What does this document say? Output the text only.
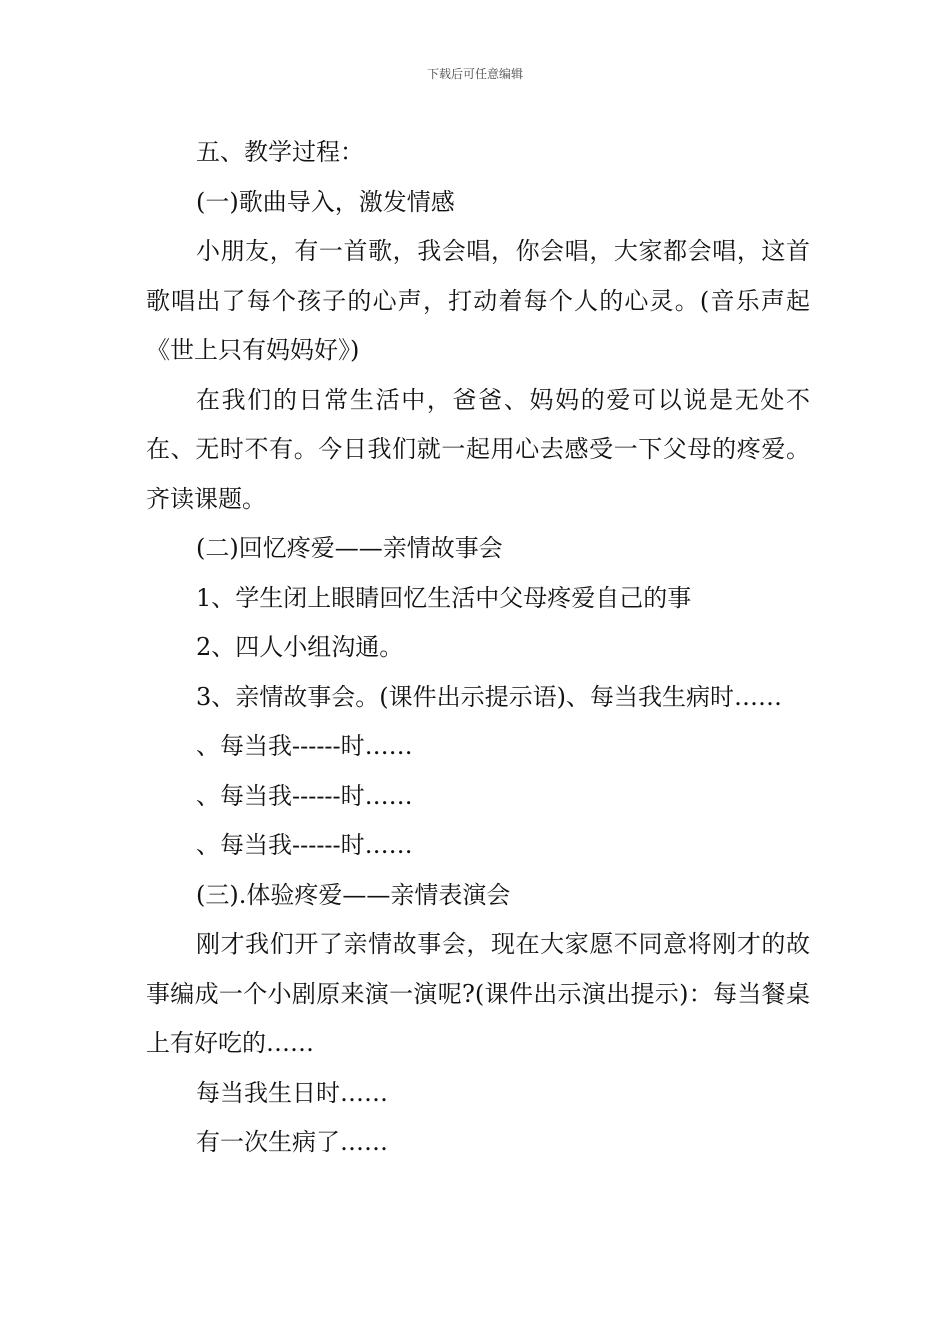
下载后可任意编辑

五、教学过程：

(一)歌曲导入，激发情感

小朋友，有一首歌，我会唱，你会唱，大家都会唱，这首歌唱出了每个孩子的心声，打动着每个人的心灵。(音乐声起《世上只有妈妈好》)

在我们的日常生活中，爸爸、妈妈的爱可以说是无处不在、无时不有。今日我们就一起用心去感受一下父母的疼爱。齐读课题。

(二)回忆疼爱——亲情故事会

1、学生闭上眼睛回忆生活中父母疼爱自己的事

2、四人小组沟通。

3、亲情故事会。(课件出示提示语)、每当我生病时……

、每当我------时……

、每当我------时……

、每当我------时……

(三).体验疼爱——亲情表演会

刚才我们开了亲情故事会，现在大家愿不同意将刚才的故事编成一个小剧原来演一演呢?(课件出示演出提示)：每当餐桌上有好吃的……

每当我生日时……

有一次生病了……
